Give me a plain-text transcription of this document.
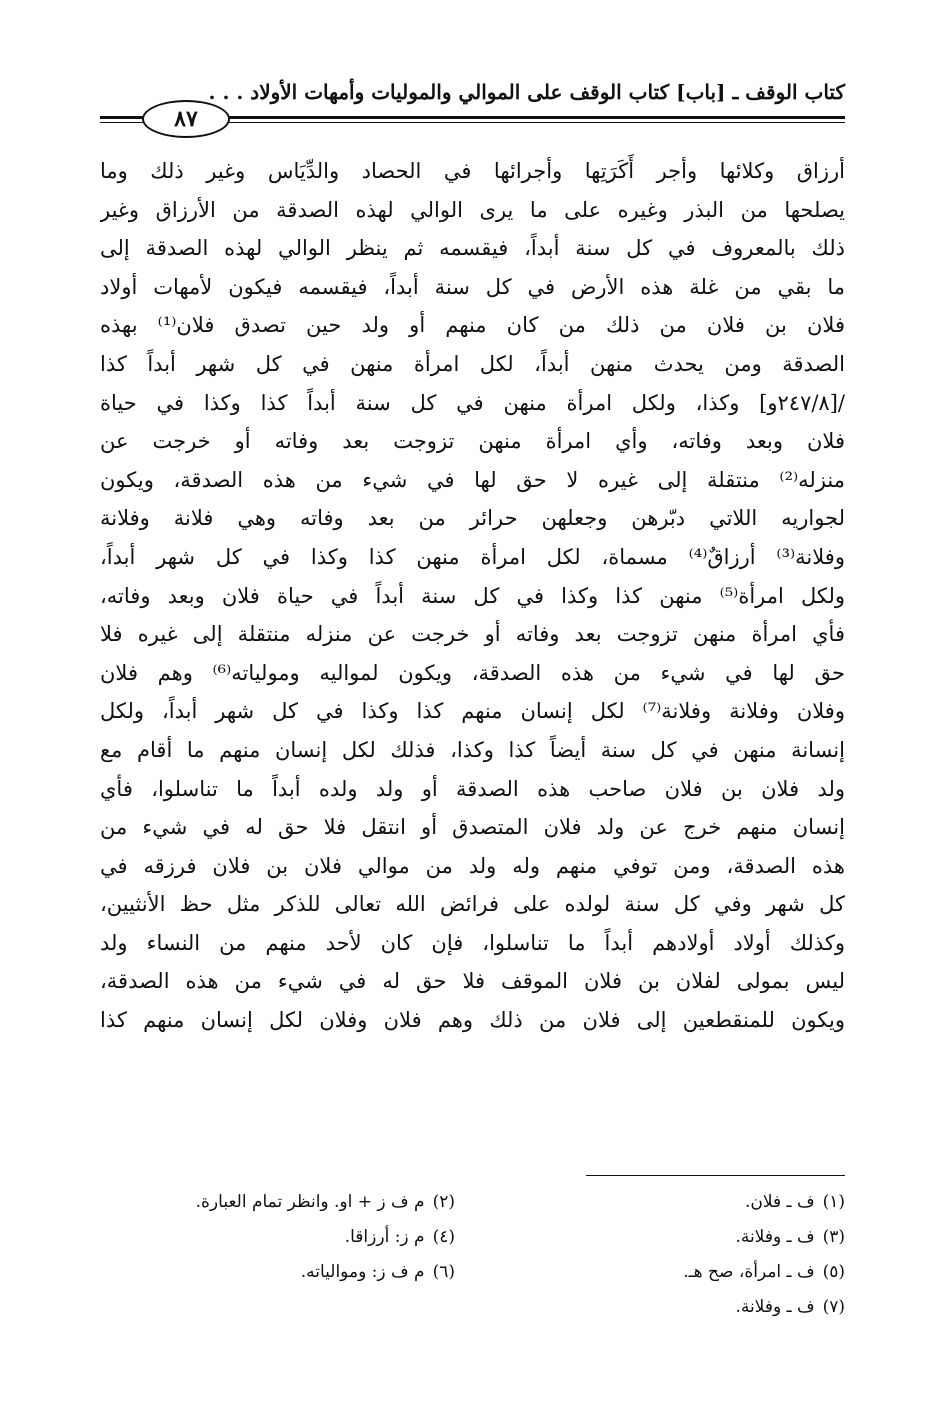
كتاب الوقف ـ [باب] كتاب الوقف على الموالي والموليات وأمهات الأولاد . . .
٨٧
أرزاق وكلائها وأجر أَكَرَتِها وأجرائها في الحصاد والدِّيَاس وغير ذلك وما
يصلحها من البذر وغيره على ما يرى الوالي لهذه الصدقة من الأرزاق وغير
ذلك بالمعروف في كل سنة أبداً، فيقسمه ثم ينظر الوالي لهذه الصدقة إلى
ما بقي من غلة هذه الأرض في كل سنة أبداً، فيقسمه فيكون لأمهات أولاد
فلان بن فلان من ذلك من كان منهم أو ولد حين تصدق فلان⁽¹⁾ بهذه
الصدقة ومن يحدث منهن أبداً، لكل امرأة منهن في كل شهر أبداً كذا
/[٢٤٧/٨و] وكذا، ولكل امرأة منهن في كل سنة أبداً كذا وكذا في حياة
فلان وبعد وفاته، وأي امرأة منهن تزوجت بعد وفاته أو خرجت عن
منزله⁽²⁾ منتقلة إلى غيره لا حق لها في شيء من هذه الصدقة، ويكون
لجواريه اللاتي دبّرهن وجعلهن حرائر من بعد وفاته وهي فلانة وفلانة
وفلانة⁽³⁾ أرزاقٌ⁽⁴⁾ مسماة، لكل امرأة منهن كذا وكذا في كل شهر أبداً،
ولكل امرأة⁽⁵⁾ منهن كذا وكذا في كل سنة أبداً في حياة فلان وبعد وفاته،
فأي امرأة منهن تزوجت بعد وفاته أو خرجت عن منزله منتقلة إلى غيره فلا
حق لها في شيء من هذه الصدقة، ويكون لمواليه ومولياته⁽⁶⁾ وهم فلان
وفلان وفلانة وفلانة⁽⁷⁾ لكل إنسان منهم كذا وكذا في كل شهر أبداً، ولكل
إنسانة منهن في كل سنة أيضاً كذا وكذا، فذلك لكل إنسان منهم ما أقام مع
ولد فلان بن فلان صاحب هذه الصدقة أو ولد ولده أبداً ما تناسلوا، فأي
إنسان منهم خرج عن ولد فلان المتصدق أو انتقل فلا حق له في شيء من
هذه الصدقة، ومن توفي منهم وله ولد من موالي فلان بن فلان فرزقه في
كل شهر وفي كل سنة لولده على فرائض الله تعالى للذكر مثل حظ الأنثيين،
وكذلك أولاد أولادهم أبداً ما تناسلوا، فإن كان لأحد منهم من النساء ولد
ليس بمولى لفلان بن فلان الموقف فلا حق له في شيء من هذه الصدقة،
ويكون للمنقطعين إلى فلان من ذلك وهم فلان وفلان لكل إنسان منهم كذا
(١)ف ـ فلان.
(٣)ف ـ وفلانة.
(٥)ف ـ امرأة، صح هـ.
(٧)ف ـ وفلانة.
(٢)م ف ز + او. وانظر تمام العبارة.
(٤)م ز: أرزاقا.
(٦)م ف ز: وموالياته.
